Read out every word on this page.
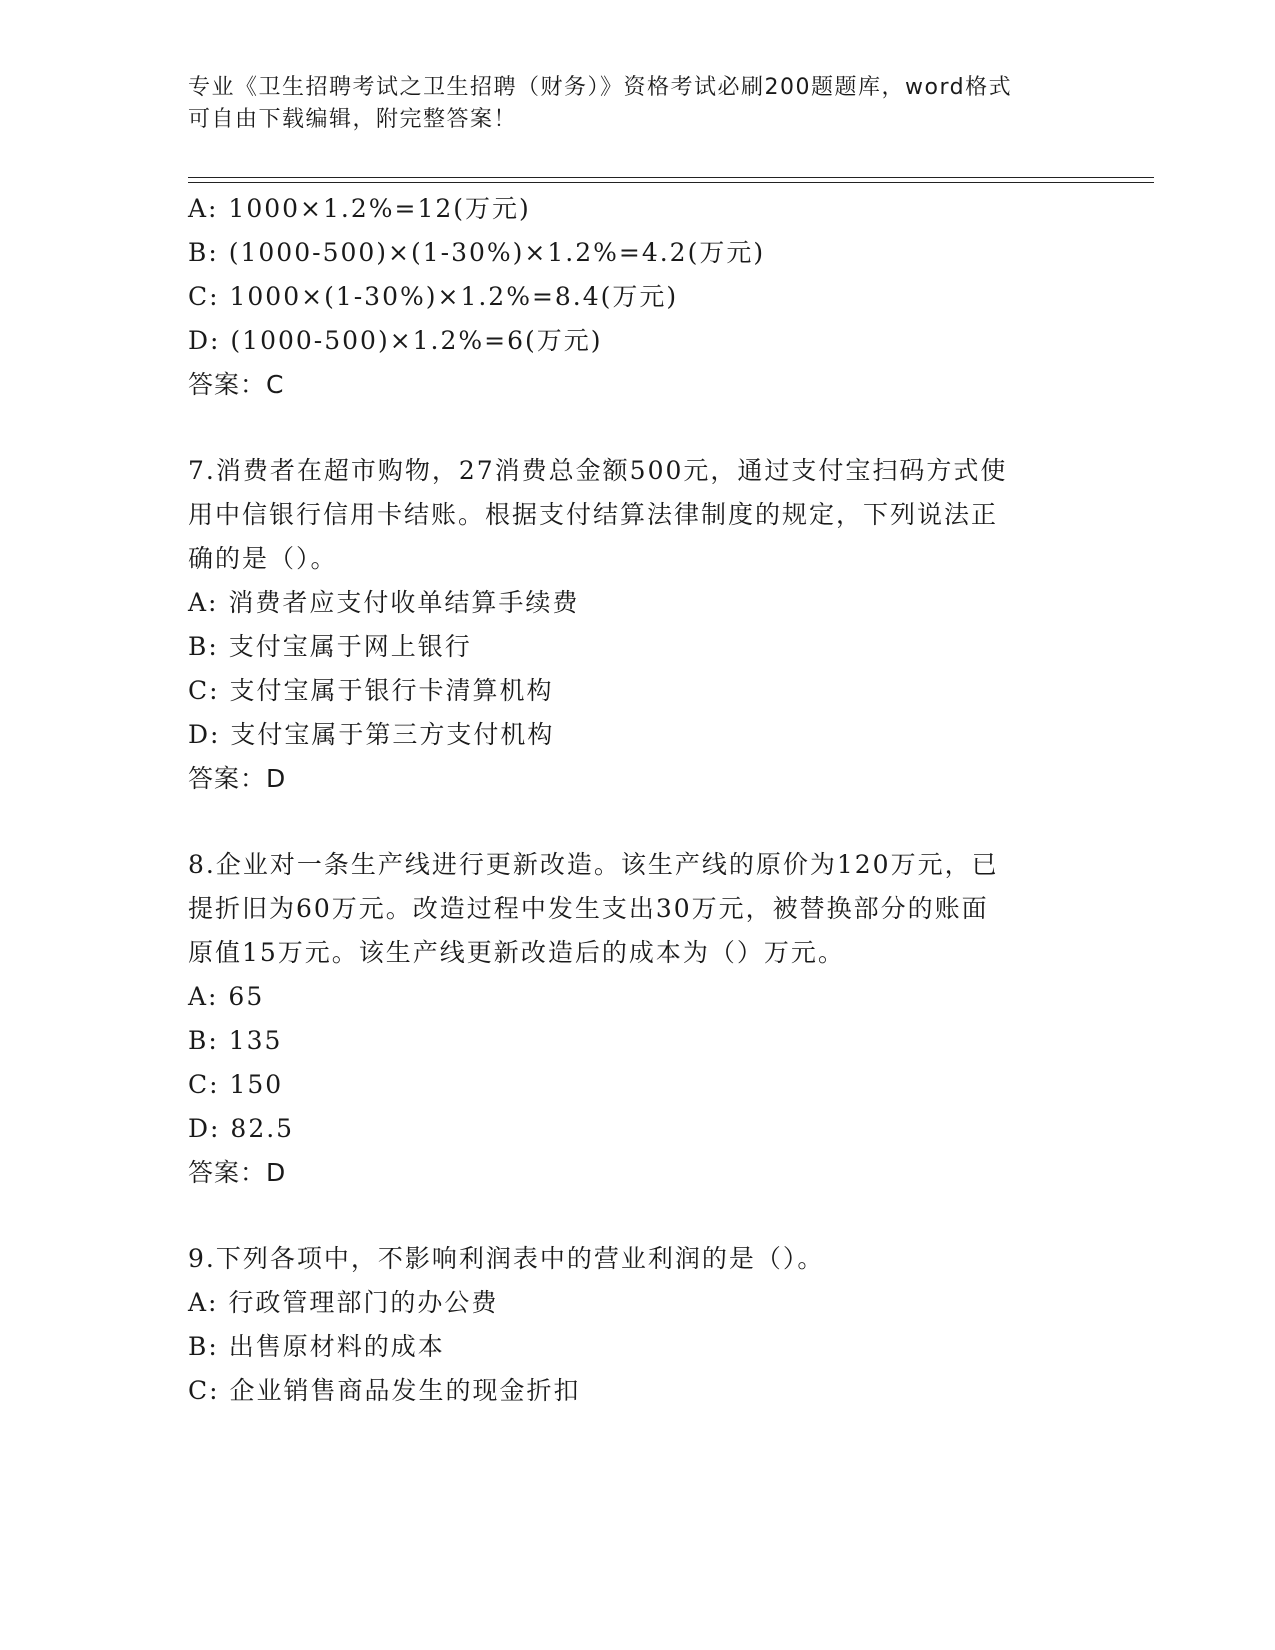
专业《卫生招聘考试之卫生招聘（财务）》资格考试必刷200题题库，word格式
可自由下载编辑，附完整答案！
A: 1000×1.2%=12(万元)
B: (1000-500)×(1-30%)×1.2%=4.2(万元)
C: 1000×(1-30%)×1.2%=8.4(万元)
D: (1000-500)×1.2%=6(万元)
答案：C
7.消费者在超市购物，27消费总金额500元，通过支付宝扫码方式使
用中信银行信用卡结账。根据支付结算法律制度的规定，下列说法正
确的是（）。
A: 消费者应支付收单结算手续费
B: 支付宝属于网上银行
C: 支付宝属于银行卡清算机构
D: 支付宝属于第三方支付机构
答案：D
8.企业对一条生产线进行更新改造。该生产线的原价为120万元，已
提折旧为60万元。改造过程中发生支出30万元，被替换部分的账面
原值15万元。该生产线更新改造后的成本为（）万元。
A: 65
B: 135
C: 150
D: 82.5
答案：D
9.下列各项中，不影响利润表中的营业利润的是（）。
A: 行政管理部门的办公费
B: 出售原材料的成本
C: 企业销售商品发生的现金折扣
